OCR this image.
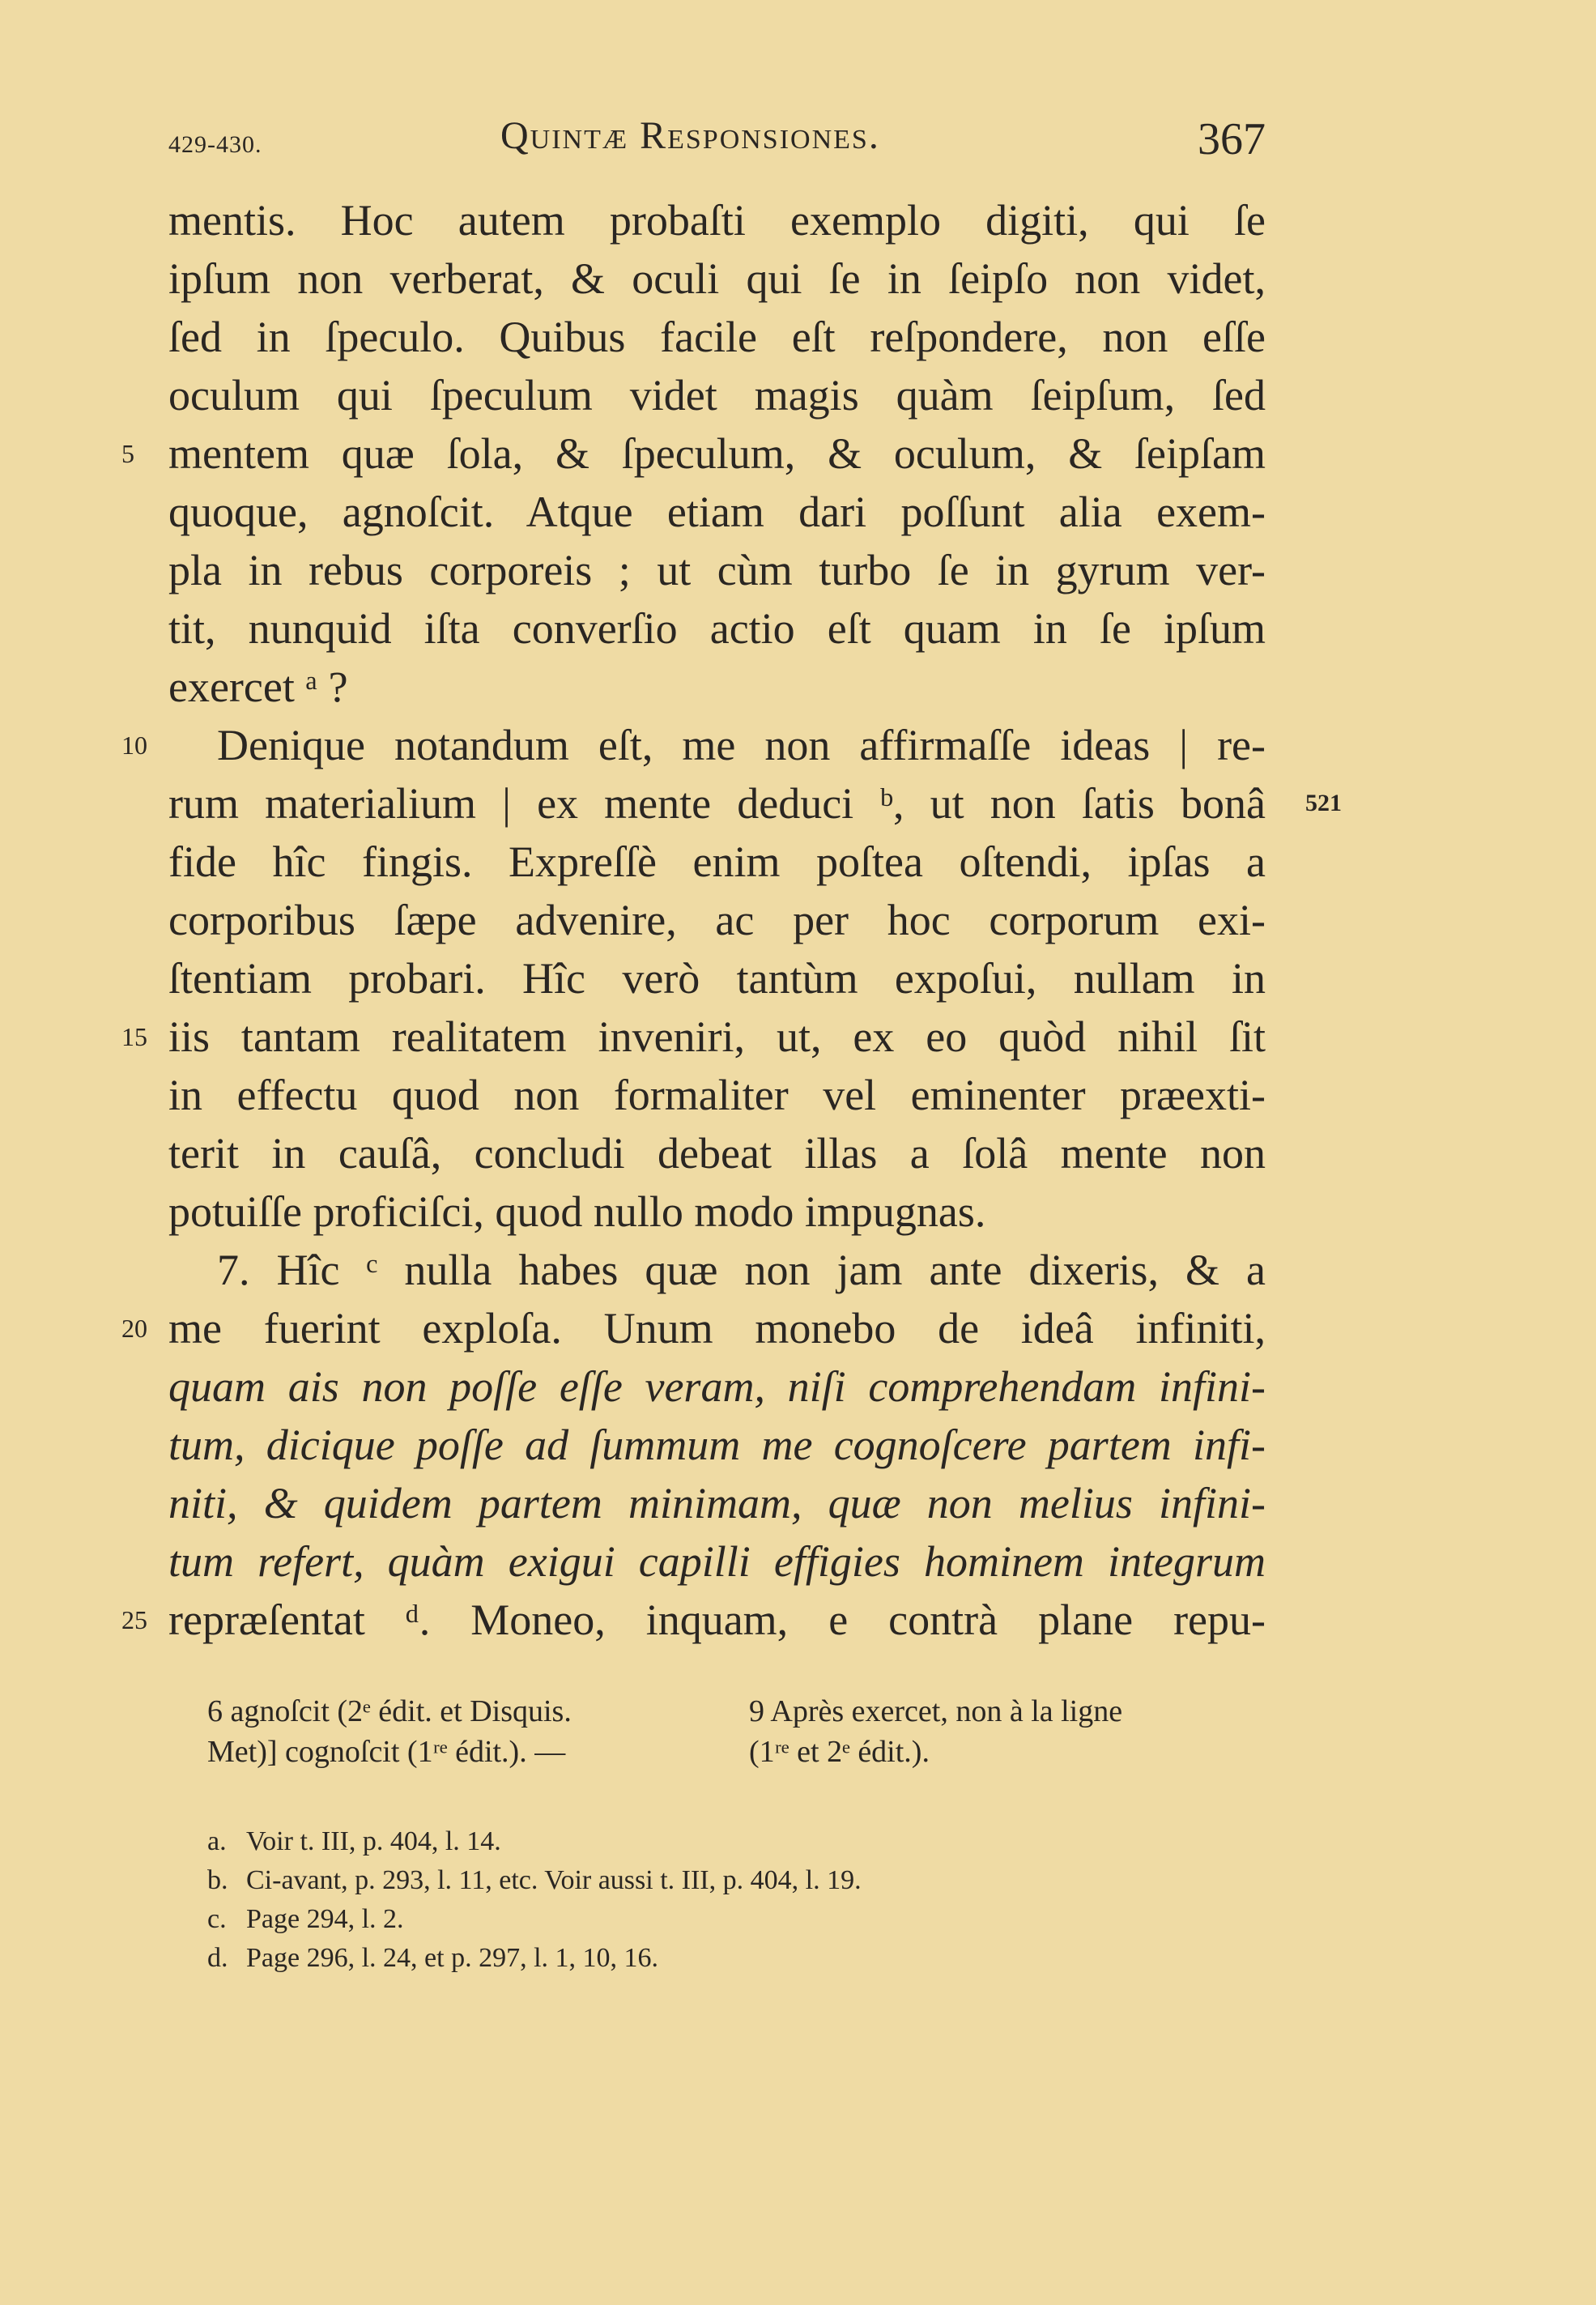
429-430.	Quintæ Responsiones.	367
mentis. Hoc autem probaſti exemplo digiti, qui ſe
ipſum non verberat, & oculi qui ſe in ſeipſo non videt,
ſed in ſpeculo. Quibus facile eſt reſpondere, non eſſe
oculum qui ſpeculum videt magis quàm ſeipſum, ſed
mentem quæ ſola, & ſpeculum, & oculum, & ſeipſam
quoque, agnoſcit. Atque etiam dari poſſunt alia exem-
pla in rebus corporeis ; ut cùm turbo ſe in gyrum ver-
tit, nunquid iſta converſio actio eſt quam in ſe ipſum
exercet ᵃ ?
Denique notandum eſt, me non affirmaſſe ideas | re-
rum materialium | ex mente deduci ᵇ, ut non ſatis bonâ
fide hîc fingis. Expreſſè enim poſtea oſtendi, ipſas a
corporibus ſæpe advenire, ac per hoc corporum exi-
ſtentiam probari. Hîc verò tantùm expoſui, nullam in
iis tantam realitatem inveniri, ut, ex eo quòd nihil ſit
in effectu quod non formaliter vel eminenter præexti-
terit in cauſâ, concludi debeat illas a ſolâ mente non
potuiſſe proficiſci, quod nullo modo impugnas.
7. Hîc ᶜ nulla habes quæ non jam ante dixeris, & a
me fuerint exploſa. Unum monebo de ideâ infiniti,
quam ais non poſſe eſſe veram, niſi comprehendam infini-
tum, dicique poſſe ad ſummum me cognoſcere partem infi-
niti, & quidem partem minimam, quæ non melius infini-
tum refert, quàm exigui capilli effigies hominem integrum
repræſentat ᵈ. Moneo, inquam, e contrà plane repu-
5
10
15
20
25
521
6 agnoſcit (2ᵉ édit. et Disquis.
Met)] cognoſcit (1ʳᵉ édit.). —
9 Après exercet, non à la ligne
(1ʳᵉ et 2ᵉ édit.).
a. Voir t. III, p. 404, l. 14.
b. Ci-avant, p. 293, l. 11, etc. Voir aussi t. III, p. 404, l. 19.
c. Page 294, l. 2.
d. Page 296, l. 24, et p. 297, l. 1, 10, 16.
